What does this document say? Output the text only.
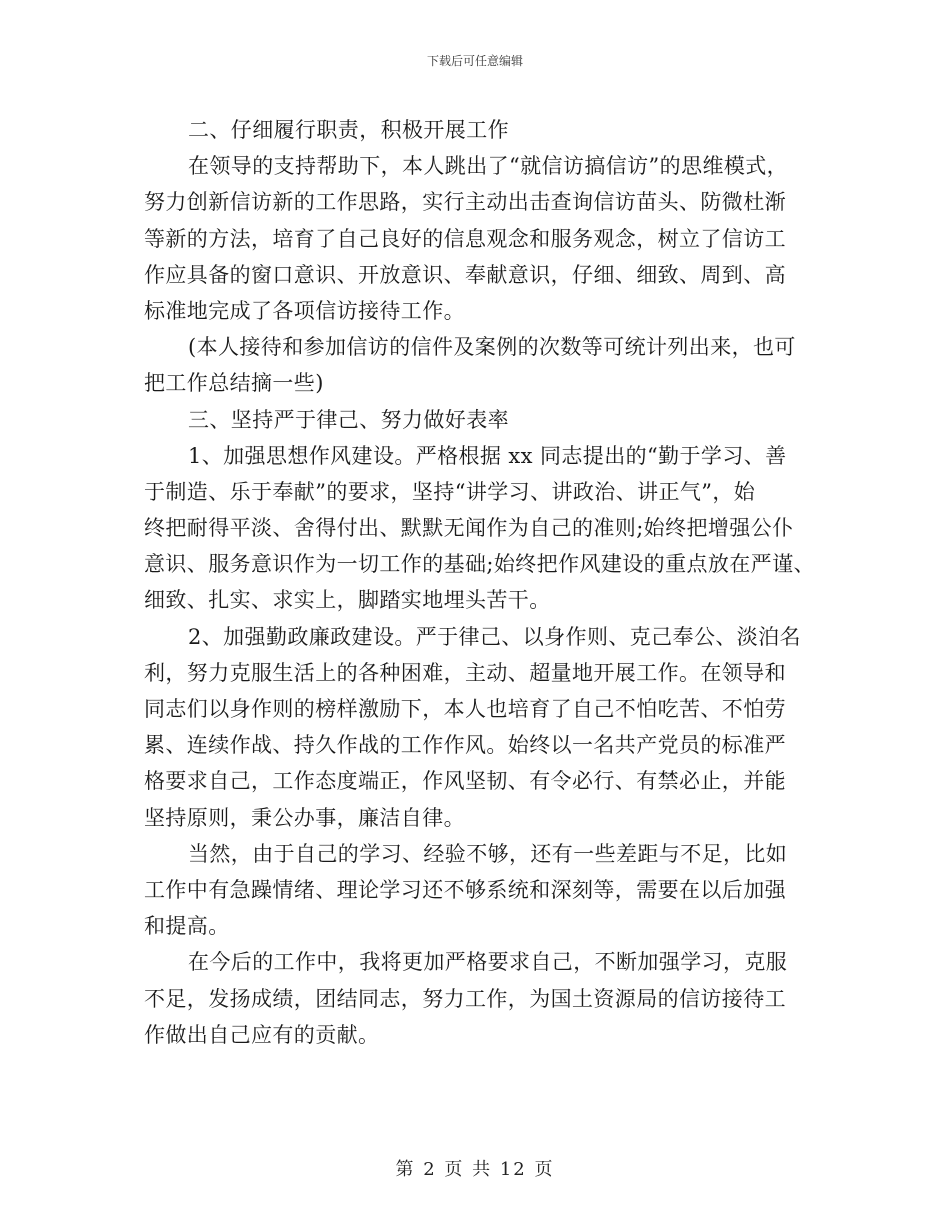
下载后可任意编辑
二、仔细履行职责，积极开展工作
在领导的支持帮助下，本人跳出了“就信访搞信访”的思维模式，
努力创新信访新的工作思路，实行主动出击查询信访苗头、防微杜渐
等新的方法，培育了自己良好的信息观念和服务观念，树立了信访工
作应具备的窗口意识、开放意识、奉献意识，仔细、细致、周到、高
标准地完成了各项信访接待工作。
(本人接待和参加信访的信件及案例的次数等可统计列出来，也可
把工作总结摘一些)
三、坚持严于律己、努力做好表率
1、加强思想作风建设。严格根据 xx 同志提出的“勤于学习、善
于制造、乐于奉献”的要求，坚持“讲学习、讲政治、讲正气”，始
终把耐得平淡、舍得付出、默默无闻作为自己的准则;始终把增强公仆
意识、服务意识作为一切工作的基础;始终把作风建设的重点放在严谨、
细致、扎实、求实上，脚踏实地埋头苦干。
2、加强勤政廉政建设。严于律己、以身作则、克己奉公、淡泊名
利，努力克服生活上的各种困难，主动、超量地开展工作。在领导和
同志们以身作则的榜样激励下，本人也培育了自己不怕吃苦、不怕劳
累、连续作战、持久作战的工作作风。始终以一名共产党员的标准严
格要求自己，工作态度端正，作风坚韧、有令必行、有禁必止，并能
坚持原则，秉公办事，廉洁自律。
当然，由于自己的学习、经验不够，还有一些差距与不足，比如
工作中有急躁情绪、理论学习还不够系统和深刻等，需要在以后加强
和提高。
在今后的工作中，我将更加严格要求自己，不断加强学习，克服
不足，发扬成绩，团结同志，努力工作，为国土资源局的信访接待工
作做出自己应有的贡献。
第 2 页 共 12 页
